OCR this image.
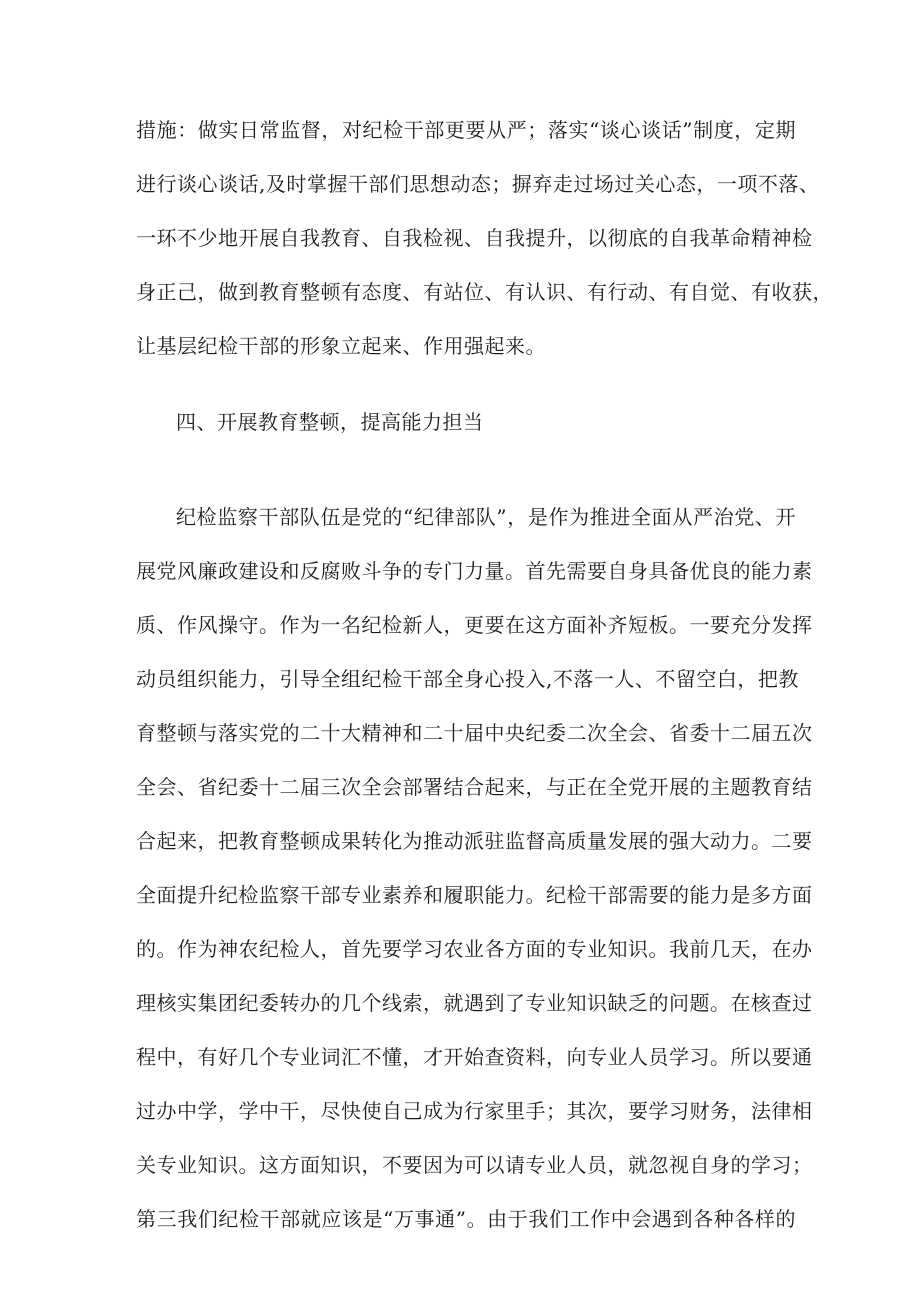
措施：做实日常监督，对纪检干部更要从严；落实“谈心谈话”制度，定期

进行谈心谈话,及时掌握干部们思想动态；摒弃走过场过关心态，一项不落、

一环不少地开展自我教育、自我检视、自我提升，以彻底的自我革命精神检

身正己，做到教育整顿有态度、有站位、有认识、有行动、有自觉、有收获，

让基层纪检干部的形象立起来、作用强起来。

四、开展教育整顿，提高能力担当

纪检监察干部队伍是党的“纪律部队”，是作为推进全面从严治党、开

展党风廉政建设和反腐败斗争的专门力量。首先需要自身具备优良的能力素

质、作风操守。作为一名纪检新人，更要在这方面补齐短板。一要充分发挥

动员组织能力，引导全组纪检干部全身心投入,不落一人、不留空白，把教

育整顿与落实党的二十大精神和二十届中央纪委二次全会、省委十二届五次

全会、省纪委十二届三次全会部署结合起来，与正在全党开展的主题教育结

合起来，把教育整顿成果转化为推动派驻监督高质量发展的强大动力。二要

全面提升纪检监察干部专业素养和履职能力。纪检干部需要的能力是多方面

的。作为神农纪检人，首先要学习农业各方面的专业知识。我前几天，在办

理核实集团纪委转办的几个线索，就遇到了专业知识缺乏的问题。在核查过

程中，有好几个专业词汇不懂，才开始查资料，向专业人员学习。所以要通

过办中学，学中干，尽快使自己成为行家里手；其次，要学习财务，法律相

关专业知识。这方面知识，不要因为可以请专业人员，就忽视自身的学习；

第三我们纪检干部就应该是“万事通”。由于我们工作中会遇到各种各样的
